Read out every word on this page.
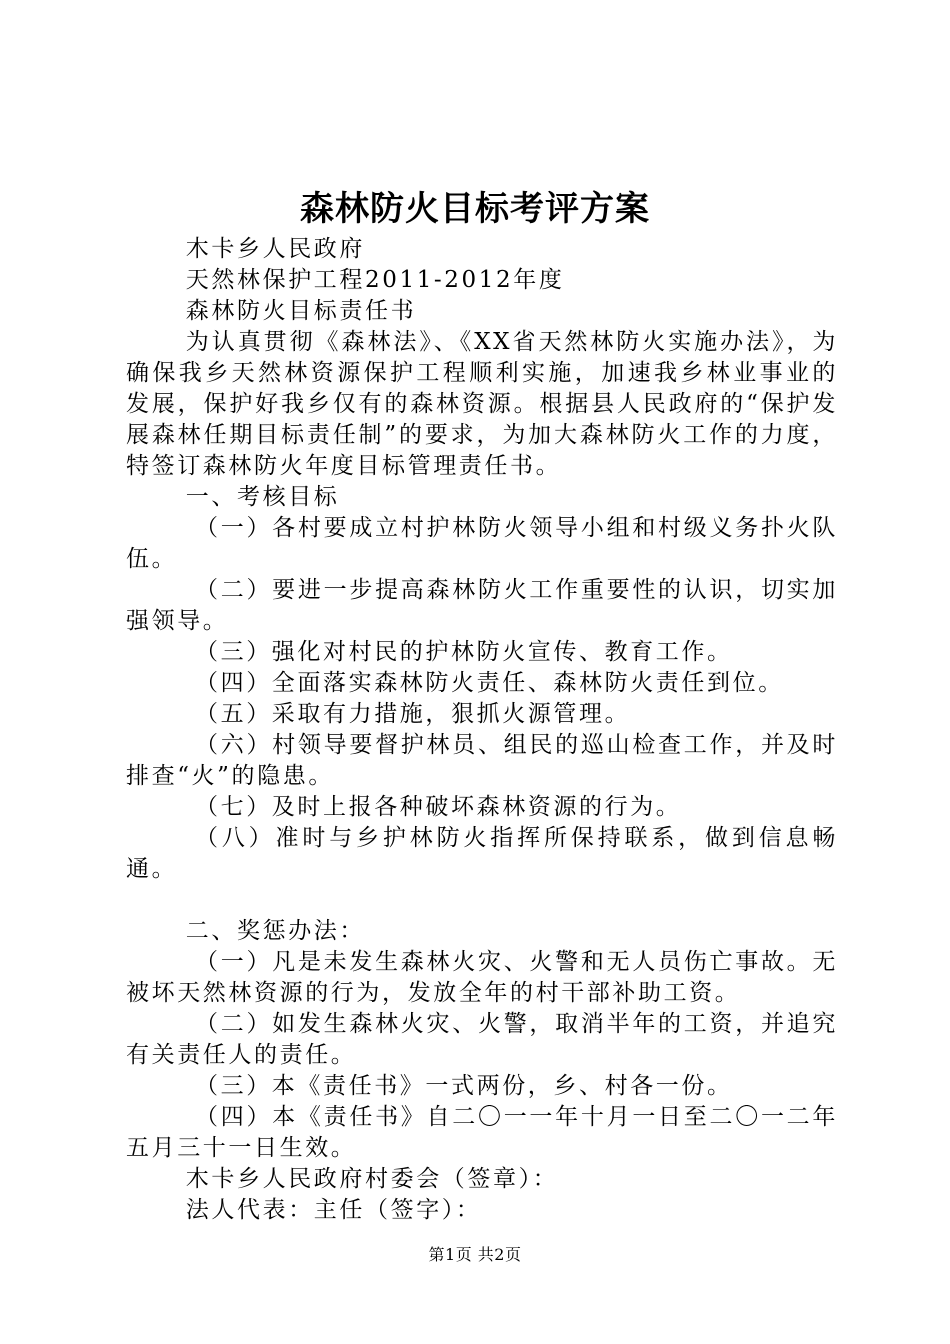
森林防火目标考评方案

木卡乡人民政府

天然林保护工程2011-2012年度

森林防火目标责任书

为认真贯彻《森林法》、《XX省天然林防火实施办法》，为确保我乡天然林资源保护工程顺利实施，加速我乡林业事业的发展，保护好我乡仅有的森林资源。根据县人民政府的“保护发展森林任期目标责任制”的要求，为加大森林防火工作的力度，特签订森林防火年度目标管理责任书。

一、考核目标

（一）各村要成立村护林防火领导小组和村级义务扑火队伍。

（二）要进一步提高森林防火工作重要性的认识，切实加强领导。

（三）强化对村民的护林防火宣传、教育工作。

（四）全面落实森林防火责任、森林防火责任到位。

（五）采取有力措施，狠抓火源管理。

（六）村领导要督护林员、组民的巡山检查工作，并及时排查“火”的隐患。

（七）及时上报各种破坏森林资源的行为。

（八）准时与乡护林防火指挥所保持联系，做到信息畅通。

二、奖惩办法：

（一）凡是未发生森林火灾、火警和无人员伤亡事故。无被坏天然林资源的行为，发放全年的村干部补助工资。

（二）如发生森林火灾、火警，取消半年的工资，并追究有关责任人的责任。

（三）本《责任书》一式两份，乡、村各一份。

（四）本《责任书》自二〇一一年十月一日至二〇一二年五月三十一日生效。

木卡乡人民政府村委会（签章）：

法人代表：主任（签字）：

第1页 共2页
